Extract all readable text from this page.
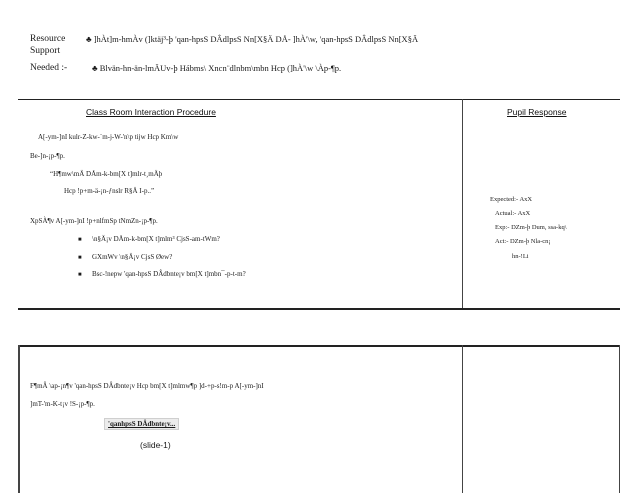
Resource
Support
♣ ]hÀt]m-hmÀv (]ktäj³-þ 'qan-hpsS DÂdlpsS Nn[X§Ä DÅ- ]hÀ'\w, 'qan-hpsS DÂdlpsS Nn[X§Ä
Needed :-	♣ Blvän-hn-än-lmÄUv-þ Hábms\ Xncn¨dlnbm\mbn Hcp (]hÀ'\w \Àp-¶p.
Class Room Interaction Procedure	Pupil Response
A[-ym-]nI kulr-Z-kw-`m-j-W-'n\p tijw Hcp Km\w
Be-]n-¡p-¶p.
“H¶mw\mÄ DÅm-k-bm[X t]mlr-t¸mÄþ
Hcp !p+m-ä-¡n-ƒnslr R§Ä I-p..”
XpSÀ¶v A[-ym-]nI !p+nlfmSp tNmZn-¡p-¶p.
■ \n§Ä¡v DÅm-k-bm[X t]mlm³ CjsS-am-tWm?
■ GXmWv \n§Ä¡v CjsS Øew?
■ Bsc-!nepw 'qan-hpsS DÂdbnte¡v bm[X t]mbn¯-p-t-m?
Expected:- AxX
Actual:- AxX
Exp:- DZm-þ Dum, ssa-kq\
Act:- DZm-þ Nla-cn¡
hn-!Li
F¶mÂ \ap-¡n¶v 'qan-hpsS DÂdbnte¡v Hcp bm[X t]mlmw¶p ]d-+p-s!m-p A[-ym-]nI
]mT-'m-K-t¡v !S-¡p-¶p.
'qanhpsS DÂdbnte¡v...
(slide-1)
